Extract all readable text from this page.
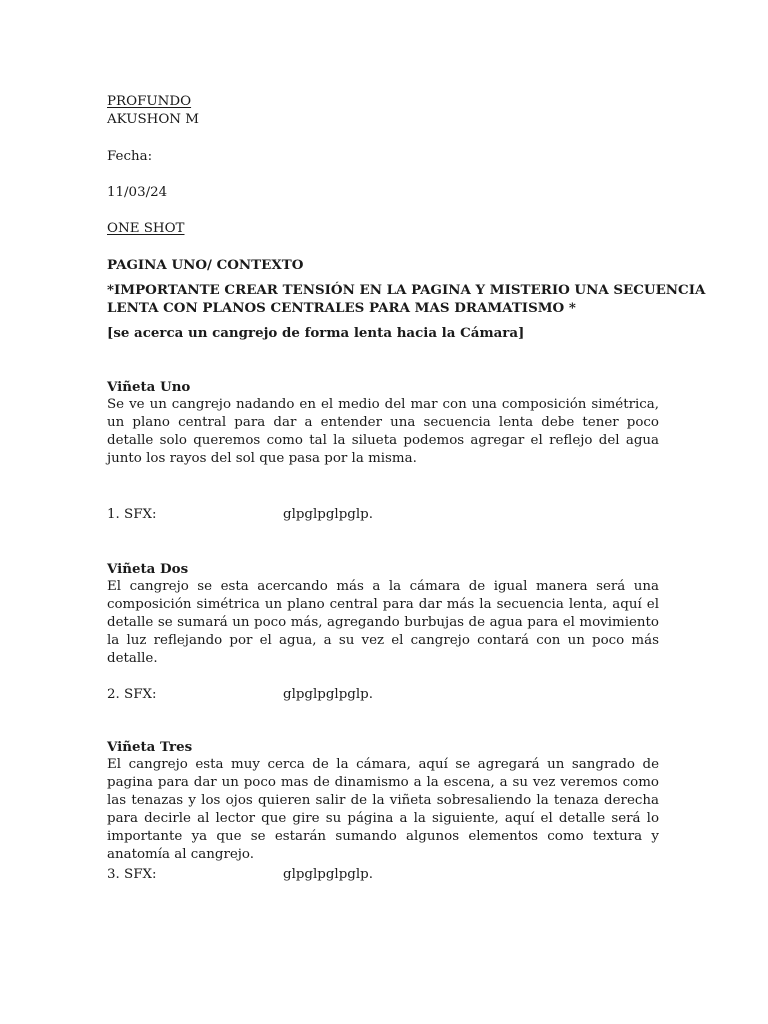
PROFUNDO
AKUSHON M
Fecha:
11/03/24
ONE SHOT
PAGINA UNO/ CONTEXTO
*IMPORTANTE CREAR TENSIÓN EN LA PAGINA Y MISTERIO UNA SECUENCIA
LENTA CON PLANOS CENTRALES PARA MAS DRAMATISMO *
[se acerca un cangrejo de forma lenta hacia la Cámara]
Viñeta Uno
Se ve un cangrejo nadando en el medio del mar con una composición simétrica, un plano central para dar a entender una secuencia lenta debe tener poco detalle solo queremos como tal la silueta podemos agregar el reflejo del agua junto los rayos del sol que pasa por la misma.
1. SFX:	glpglpglpglp.
Viñeta Dos
El cangrejo se esta acercando más a la cámara de igual manera será una composición simétrica un plano central para dar más la secuencia lenta, aquí el detalle se sumará un poco más, agregando burbujas de agua para el movimiento la luz reflejando por el agua, a su vez el cangrejo contará con un poco más detalle.
2. SFX:	glpglpglpglp.
Viñeta Tres
El cangrejo esta muy cerca de la cámara, aquí se agregará un sangrado de pagina para dar un poco mas de dinamismo a la escena, a su vez veremos como las tenazas y los ojos quieren salir de la viñeta sobresaliendo la tenaza derecha para decirle al lector que gire su página a la siguiente, aquí el detalle será lo importante ya que se estarán sumando algunos elementos como textura y anatomía al cangrejo.
3. SFX:	glpglpglpglp.
